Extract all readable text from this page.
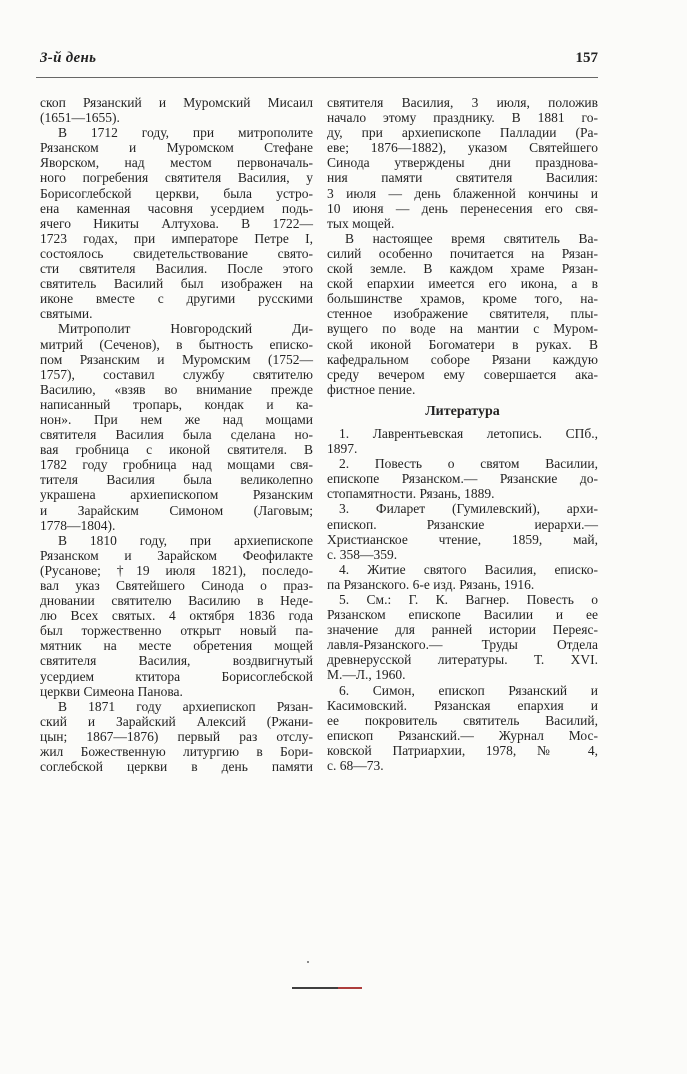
3-й день	157
скоп Рязанский и Муромский Мисаил
(1651—1655).
В 1712 году, при митрополите
Рязанском и Муромском Стефане
Яворском, над местом первоначаль-
ного погребения святителя Василия, у
Борисоглебской церкви, была устро-
ена каменная часовня усердием подь-
ячего Никиты Алтухова. В 1722—
1723 годах, при императоре Петре I,
состоялось свидетельствование свято-
сти святителя Василия. После этого
святитель Василий был изображен на
иконе вместе с другими русскими
святыми.
Митрополит Новгородский Ди-
митрий (Сеченов), в бытность еписко-
пом Рязанским и Муромским (1752—
1757), составил службу святителю
Василию, «взяв во внимание прежде
написанный тропарь, кондак и ка-
нон». При нем же над мощами
святителя Василия была сделана но-
вая гробница с иконой святителя. В
1782 году гробница над мощами свя-
тителя Василия была великолепно
украшена архиепископом Рязанским
и Зарайским Симоном (Лаговым;
1778—1804).
В 1810 году, при архиепископе
Рязанском и Зарайском Феофилакте
(Русанове; †19 июля 1821), последо-
вал указ Святейшего Синода о праз-
дновании святителю Василию в Неде-
лю Всех святых. 4 октября 1836 года
был торжественно открыт новый па-
мятник на месте обретения мощей
святителя Василия, воздвигнутый
усердием ктитора Борисоглебской
церкви Симеона Панова.
В 1871 году архиепископ Рязан-
ский и Зарайский Алексий (Ржани-
цын; 1867—1876) первый раз отслу-
жил Божественную литургию в Бори-
соглебской церкви в день памяти
святителя Василия, 3 июля, положив
начало этому празднику. В 1881 го-
ду, при архиепископе Палладии (Ра-
еве; 1876—1882), указом Святейшего
Синода утверждены дни празднова-
ния памяти святителя Василия:
3 июля — день блаженной кончины и
10 июня — день перенесения его свя-
тых мощей.
В настоящее время святитель Ва-
силий особенно почитается на Рязан-
ской земле. В каждом храме Рязан-
ской епархии имеется его икона, а в
большинстве храмов, кроме того, на-
стенное изображение святителя, плы-
вущего по воде на мантии с Муром-
ской иконой Богоматери в руках. В
кафедральном соборе Рязани каждую
среду вечером ему совершается ака-
фистное пение.
Литература
1. Лаврентьевская летопись. СПб.,
1897.
2. Повесть о святом Василии,
епископе Рязанском.— Рязанские до-
стопамятности. Рязань, 1889.
3. Филарет (Гумилевский), архи-
епископ. Рязанские иерархи.—
Христианское чтение, 1859, май,
с. 358—359.
4. Житие святого Василия, еписко-
па Рязанского. 6-е изд. Рязань, 1916.
5. См.: Г. К. Вагнер. Повесть о
Рязанском епископе Василии и ее
значение для ранней истории Переяс-
лавля-Рязанского.— Труды Отдела
древнерусской литературы. Т. XVI.
М.—Л., 1960.
6. Симон, епископ Рязанский и
Касимовский. Рязанская епархия и
ее покровитель святитель Василий,
епископ Рязанский.— Журнал Мос-
ковской Патриархии, 1978, № 4,
с. 68—73.
